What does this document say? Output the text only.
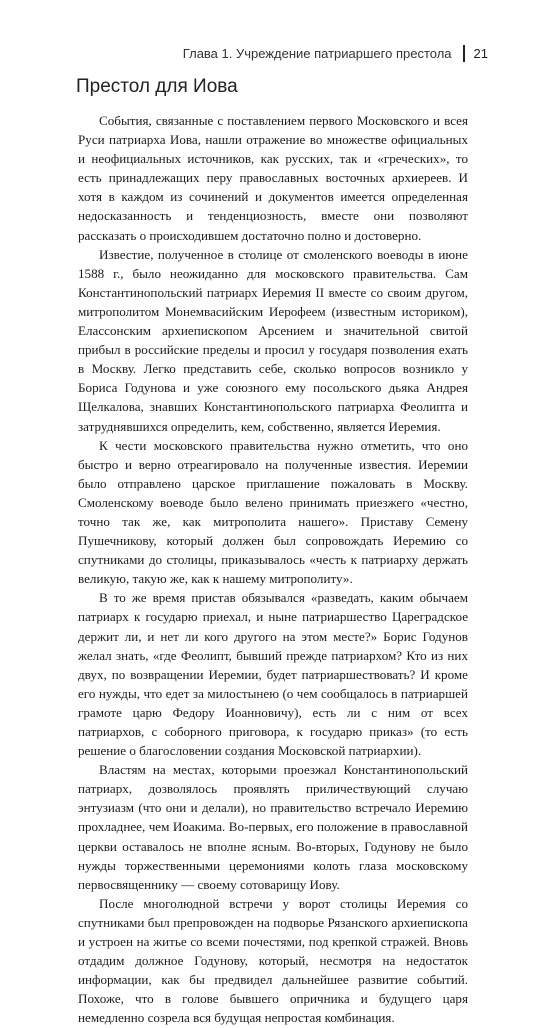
Глава 1. Учреждение патриаршего престола 21
Престол для Иова

События, связанные с поставлением первого Московского и всея Руси патриарха Иова, нашли отражение во множестве официальных и неофициальных источников, как русских, так и «греческих», то есть принадлежащих перу православных восточных архиереев. И хотя в каждом из сочинений и документов имеется определенная недосказанность и тенденциозность, вместе они позволяют рассказать о происходившем достаточно полно и достоверно.

Известие, полученное в столице от смоленского воеводы в июне 1588 г., было неожиданно для московского правительства. Сам Константинопольский патриарх Иеремия II вместе со своим другом, митрополитом Монемвасийским Иерофеем (известным историком), Елассонским архиепископом Арсением и значительной свитой прибыл в российские пределы и просил у государя позволения ехать в Москву. Легко представить себе, сколько вопросов возникло у Бориса Годунова и уже союзного ему посольского дьяка Андрея Щелкалова, знавших Константинопольского патриарха Феолипта и затруднявшихся определить, кем, собственно, является Иеремия.

К чести московского правительства нужно отметить, что оно быстро и верно отреагировало на полученные известия. Иеремии было отправлено царское приглашение пожаловать в Москву. Смоленскому воеводе было велено принимать приезжего «честно, точно так же, как митрополита нашего». Приставу Семену Пушечникову, который должен был сопровождать Иеремию со спутниками до столицы, приказывалось «честь к патриарху держать великую, такую же, как к нашему митрополиту».

В то же время пристав обязывался «разведать, каким обычаем патриарх к государю приехал, и ныне патриаршество Цареградское держит ли, и нет ли кого другого на этом месте?» Борис Годунов желал знать, «где Феолипт, бывший прежде патриархом? Кто из них двух, по возвращении Иеремии, будет патриаршествовать? И кроме его нужды, что едет за милостынею (о чем сообщалось в патриаршей грамоте царю Федору Иоанновичу), есть ли с ним от всех патриархов, с соборного приговора, к государю приказ» (то есть решение о благословении создания Московской патриархии).

Властям на местах, которыми проезжал Константинопольский патриарх, дозволялось проявлять приличествующий случаю энтузиазм (что они и делали), но правительство встречало Иеремию прохладнее, чем Иоакима. Во-первых, его положение в православной церкви оставалось не вполне ясным. Во-вторых, Годунову не было нужды торжественными церемониями колоть глаза московскому первосвященнику — своему сотоварищу Иову.

После многолюдной встречи у ворот столицы Иеремия со спутниками был препровожден на подворье Рязанского архиепископа и устроен на житье со всеми почестями, под крепкой стражей. Вновь отдадим должное Годунову, который, несмотря на недостаток информации, как бы предвидел дальнейшее развитие событий. Похоже, что в голове бывшего опричника и будущего царя немедленно созрела вся будущая непростая комбинация.
